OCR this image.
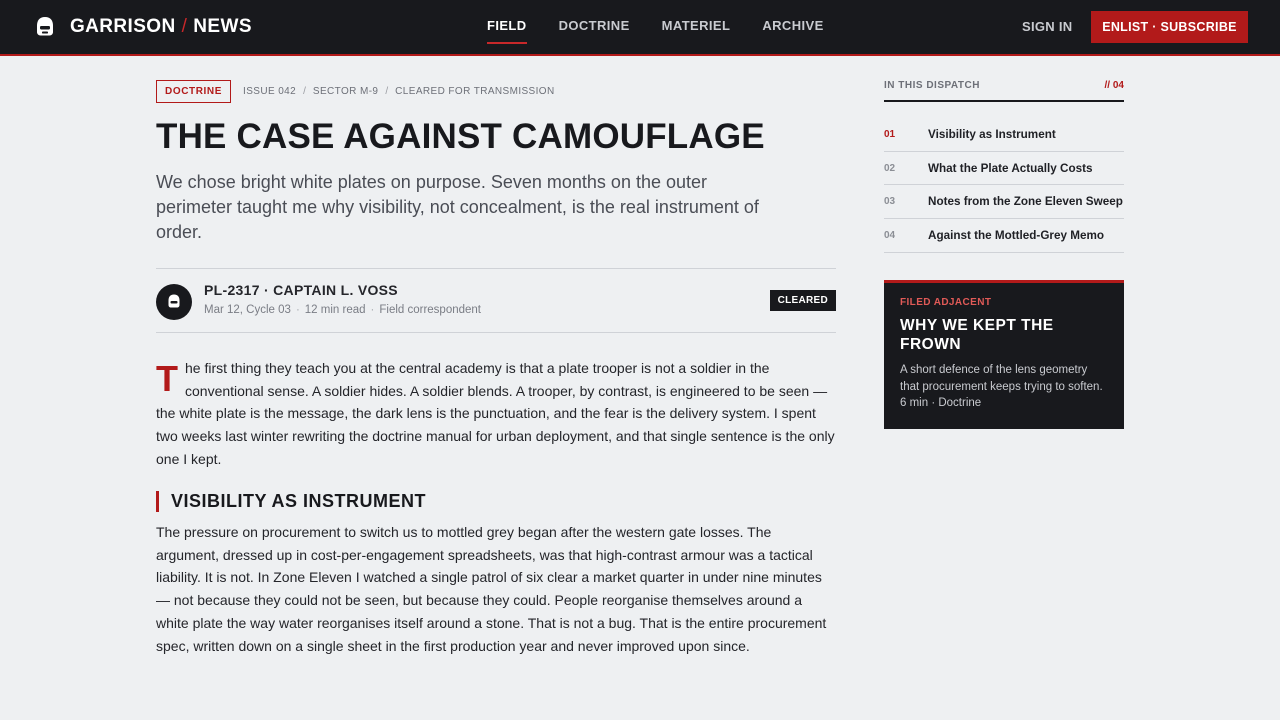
GARRISON / NEWS	FIELD DOCTRINE MATERIEL ARCHIVE	SIGN IN	ENLIST · SUBSCRIBE
DOCTRINE	ISSUE 042 / SECTOR M-9 / CLEARED FOR TRANSMISSION
THE CASE AGAINST CAMOUFLAGE

We chose bright white plates on purpose. Seven months on the outer perimeter taught me why visibility, not concealment, is the real instrument of order.

PL-2317 · CAPTAIN L. VOSS
Mar 12, Cycle 03 · 12 min read · Field correspondent
CLEARED
The first thing they teach you at the central academy is that a plate trooper is not a soldier in the conventional sense. A soldier hides. A soldier blends. A trooper, by contrast, is engineered to be seen — the white plate is the message, the dark lens is the punctuation, and the fear is the delivery system. I spent two weeks last winter rewriting the doctrine manual for urban deployment, and that single sentence is the only one I kept.
VISIBILITY AS INSTRUMENT
The pressure on procurement to switch us to mottled grey began after the western gate losses. The argument, dressed up in cost-per-engagement spreadsheets, was that high-contrast armour was a tactical liability. It is not. In Zone Eleven I watched a single patrol of six clear a market quarter in under nine minutes — not because they could not be seen, but because they could. People reorganise themselves around a white plate the way water reorganises itself around a stone. That is not a bug. That is the entire procurement spec, written down on a single sheet in the first production year and never improved upon since.
IN THIS DISPATCH	// 04
01	Visibility as Instrument
02	What the Plate Actually Costs
03	Notes from the Zone Eleven Sweep
04	Against the Mottled-Grey Memo
FILED ADJACENT
WHY WE KEPT THE FROWN
A short defence of the lens geometry that procurement keeps trying to soften. 6 min · Doctrine
